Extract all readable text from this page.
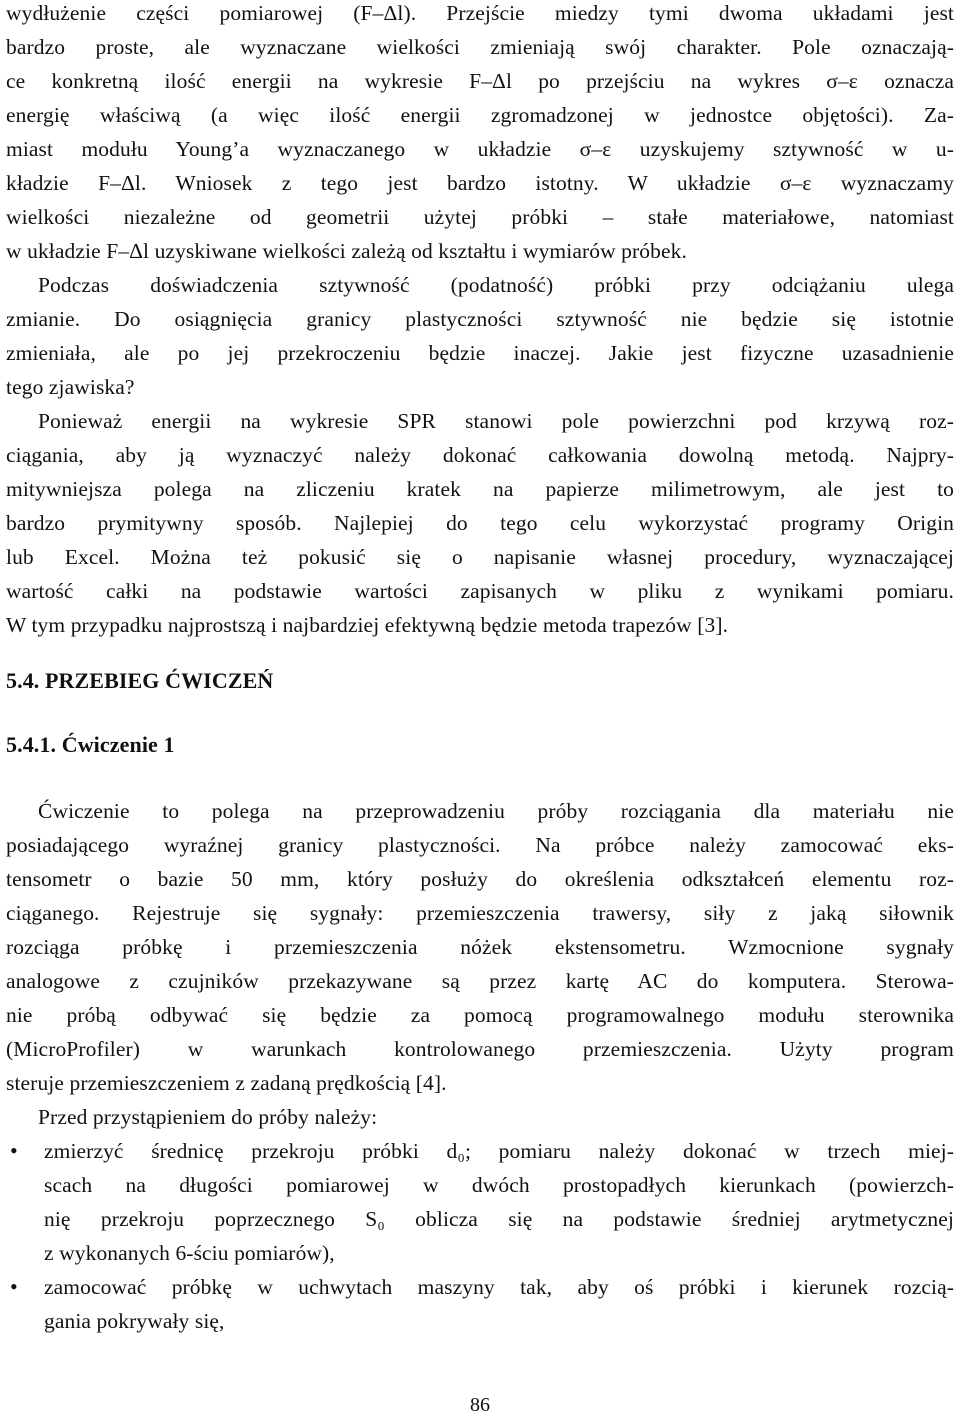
wydłużenie części pomiarowej (F–Δl). Przejście miedzy tymi dwoma układami jest
bardzo proste, ale wyznaczane wielkości zmieniają swój charakter. Pole oznaczają-
ce konkretną ilość energii na wykresie F–Δl po przejściu na wykres σ–ε oznacza
energię właściwą (a więc ilość energii zgromadzonej w jednostce objętości). Za-
miast modułu Young’a wyznaczanego w układzie σ–ε uzyskujemy sztywność w u-
kładzie F–Δl. Wniosek z tego jest bardzo istotny. W układzie σ–ε wyznaczamy
wielkości niezależne od geometrii użytej próbki – stałe materiałowe, natomiast
w układzie F–Δl uzyskiwane wielkości zależą od kształtu i wymiarów próbek.
Podczas doświadczenia sztywność (podatność) próbki przy odciążaniu ulega
zmianie. Do osiągnięcia granicy plastyczności sztywność nie będzie się istotnie
zmieniała, ale po jej przekroczeniu będzie inaczej. Jakie jest fizyczne uzasadnienie
tego zjawiska?
Ponieważ energii na wykresie SPR stanowi pole powierzchni pod krzywą roz-
ciągania, aby ją wyznaczyć należy dokonać całkowania dowolną metodą. Najpry-
mitywniejsza polega na zliczeniu kratek na papierze milimetrowym, ale jest to
bardzo prymitywny sposób. Najlepiej do tego celu wykorzystać programy Origin
lub Excel. Można też pokusić się o napisanie własnej procedury, wyznaczającej
wartość całki na podstawie wartości zapisanych w pliku z wynikami pomiaru.
W tym przypadku najprostszą i najbardziej efektywną będzie metoda trapezów [3].
5.4. PRZEBIEG ĆWICZEŃ
5.4.1. Ćwiczenie 1
Ćwiczenie to polega na przeprowadzeniu próby rozciągania dla materiału nie
posiadającego wyraźnej granicy plastyczności. Na próbce należy zamocować eks-
tensometr o bazie 50 mm, który posłuży do określenia odkształceń elementu roz-
ciąganego. Rejestruje się sygnały: przemieszczenia trawersy, siły z jaką siłownik
rozciąga próbkę i przemieszczenia nóżek ekstensometru. Wzmocnione sygnały
analogowe z czujników przekazywane są przez kartę AC do komputera. Sterowa-
nie próbą odbywać się będzie za pomocą programowalnego modułu sterownika
(MicroProfiler) w warunkach kontrolowanego przemieszczenia. Użyty program
steruje przemieszczeniem z zadaną prędkością [4].
Przed przystąpieniem do próby należy:
• zmierzyć średnicę przekroju próbki d₀; pomiaru należy dokonać w trzech miej-
scach na długości pomiarowej w dwóch prostopadłych kierunkach (powierzch-
nię przekroju poprzecznego S₀ oblicza się na podstawie średniej arytmetycznej
z wykonanych 6-ściu pomiarów),
• zamocować próbkę w uchwytach maszyny tak, aby oś próbki i kierunek rozcią-
gania pokrywały się,
86
